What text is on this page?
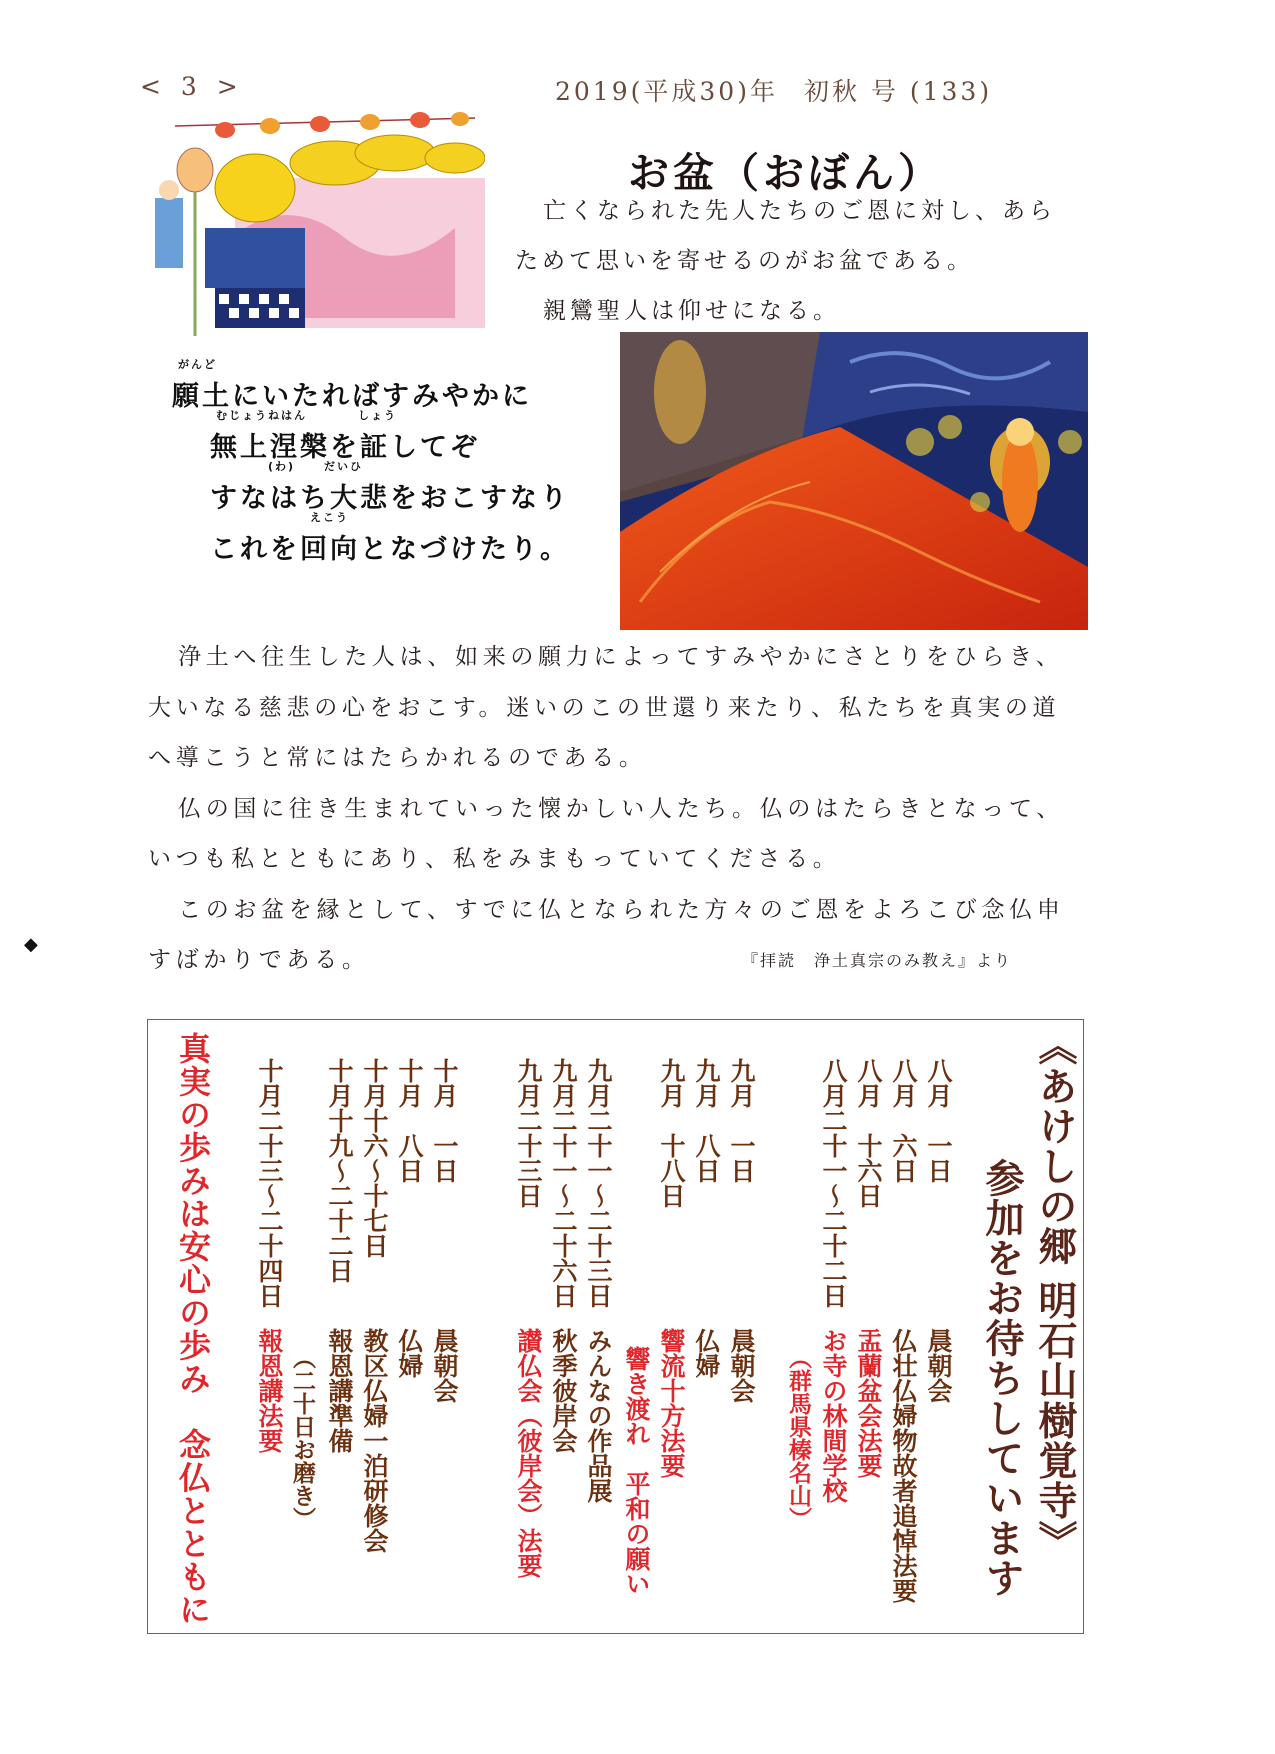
< 3 >	2019(平成30)年 初秋 号 (133)
お盆（おぼん）

亡くなられた先人たちのご恩に対し、あら

ためて思いを寄せるのがお盆である。

親鸞聖人は仰せになる。

がんど
願土にいたればすみやかに
むじょうねはん	しょう
無上涅槃を証してぞ
(わ)	だいひ
すなはち大悲をおこすなり
えこう
これを回向となづけたり。

浄土へ往生した人は、如来の願力によってすみやかにさとりをひらき、

大いなる慈悲の心をおこす。迷いのこの世還り来たり、私たちを真実の道

へ導こうと常にはたらかれるのである。

仏の国に往き生まれていった懐かしい人たち。仏のはたらきとなって、

いつも私とともにあり、私をみまもっていてくださる。

このお盆を縁として、すでに仏となられた方々のご恩をよろこび念仏申

すばかりである。	『拝読　浄土真宗のみ教え』より
◆
《あけしの郷 明石山樹覚寺》
参加をお待ちしています
八月　一日
晨朝会
八月　六日
仏壮仏婦物故者追悼法要
八月　十六日
盂蘭盆会法要
八月二十一～二十二日
お寺の林間学校
（群馬県榛名山）
九月　一日
晨朝会
九月　八日
仏婦
九月　十八日
響流十方法要
響き渡れ　平和の願い
九月二十一～二十三日
みんなの作品展
九月二十一～二十六日
秋季彼岸会
九月二十三日
讃仏会（彼岸会）法要
十月　一日
晨朝会
十月　八日
仏婦
十月十六～十七日
教区仏婦一泊研修会
十月十九～二十二日
報恩講準備
（二十日お磨き）
十月二十三～二十四日
報恩講法要
真実の歩みは安心の歩み　念仏とともに
